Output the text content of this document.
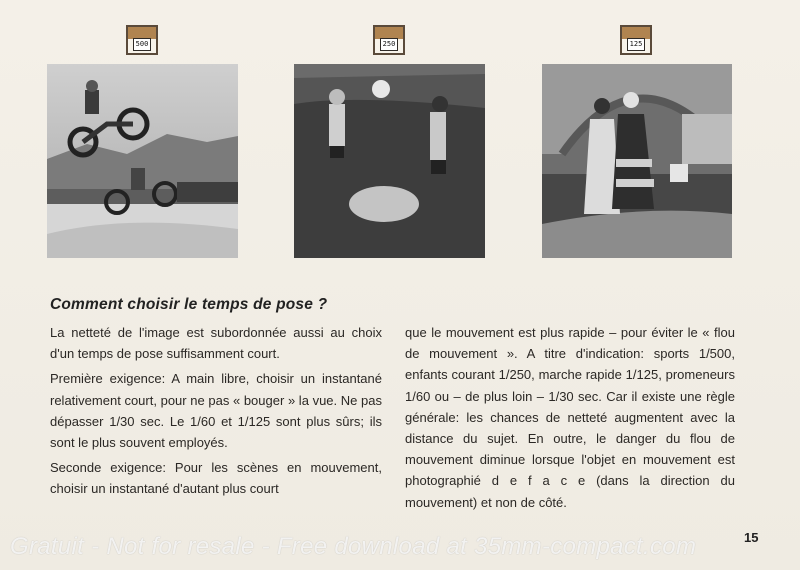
500	250	125
Comment choisir le temps de pose ?

La netteté de l'image est subordonnée aussi au choix d'un temps de pose suffisamment court.

Première exigence: A main libre, choisir un instantané relativement court, pour ne pas « bouger » la vue. Ne pas dépasser 1/30 sec. Le 1/60 et 1/125 sont plus sûrs; ils sont le plus souvent employés.

Seconde exigence: Pour les scènes en mouvement, choisir un instantané d'autant plus court

que le mouvement est plus rapide – pour éviter le « flou de mouvement ». A titre d'indication: sports 1/500, enfants courant 1/250, marche rapide 1/125, promeneurs 1/60 ou – de plus loin – 1/30 sec. Car il existe une règle générale: les chances de netteté augmentent avec la distance du sujet. En outre, le danger du flou de mouvement diminue lorsque l'objet en mouvement est photographié d e f a c e (dans la direction du mouvement) et non de côté.

15
Gratuit - Not for resale - Free download at 35mm-compact.com
